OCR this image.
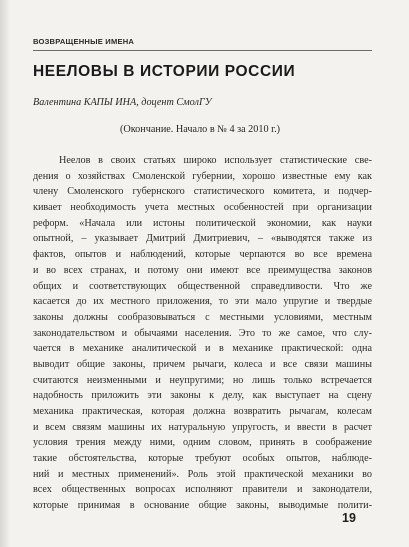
ВОЗВРАЩЕННЫЕ ИМЕНА
НЕЕЛОВЫ В ИСТОРИИ РОССИИ
Валентина КАПЫ ИНА, доцент СмолГУ
(Окончание. Начало в № 4 за 2010 г.)
Неелов в своих статьях широко использует статистические све-
дения о хозяйствах Смоленской губернии, хорошо известные ему как
члену Смоленского губернского статистического комитета, и подчер-
кивает необходимость учета местных особенностей при организации
реформ. «Начала или истоны политической экономии, как науки
опытной, – указывает Дмитрий Дмитриевич, – «выводятся также из
фактов, опытов и наблюдений, которые черпаются во все времена
и во всех странах, и потому они имеют все преимущества законов
общих и соответствующих общественной справедливости. Что же
касается до их местного приложения, то эти мало упругие и твердые
законы должны сообразовываться с местными условиями, местным
законодательством и обычаями населения. Это то же самое, что слу-
чается в механике аналитической и в механике практической: одна
выводит общие законы, причем рычаги, колеса и все связи машины
считаются неизменными и неупругими; но лишь только встречается
надобность приложить эти законы к делу, как выступает на сцену
механика практическая, которая должна возвратить рычагам, колесам
и всем связям машины их натуральную упругость, и ввести в расчет
условия трения между ними, одним словом, принять в соображение
такие обстоятельства, которые требуют особых опытов, наблюде-
ний и местных применений». Роль этой практической механики во
всех общественных вопросах исполняют правители и законодатели,
которые принимая в основание общие законы, выводимые полити-
19
